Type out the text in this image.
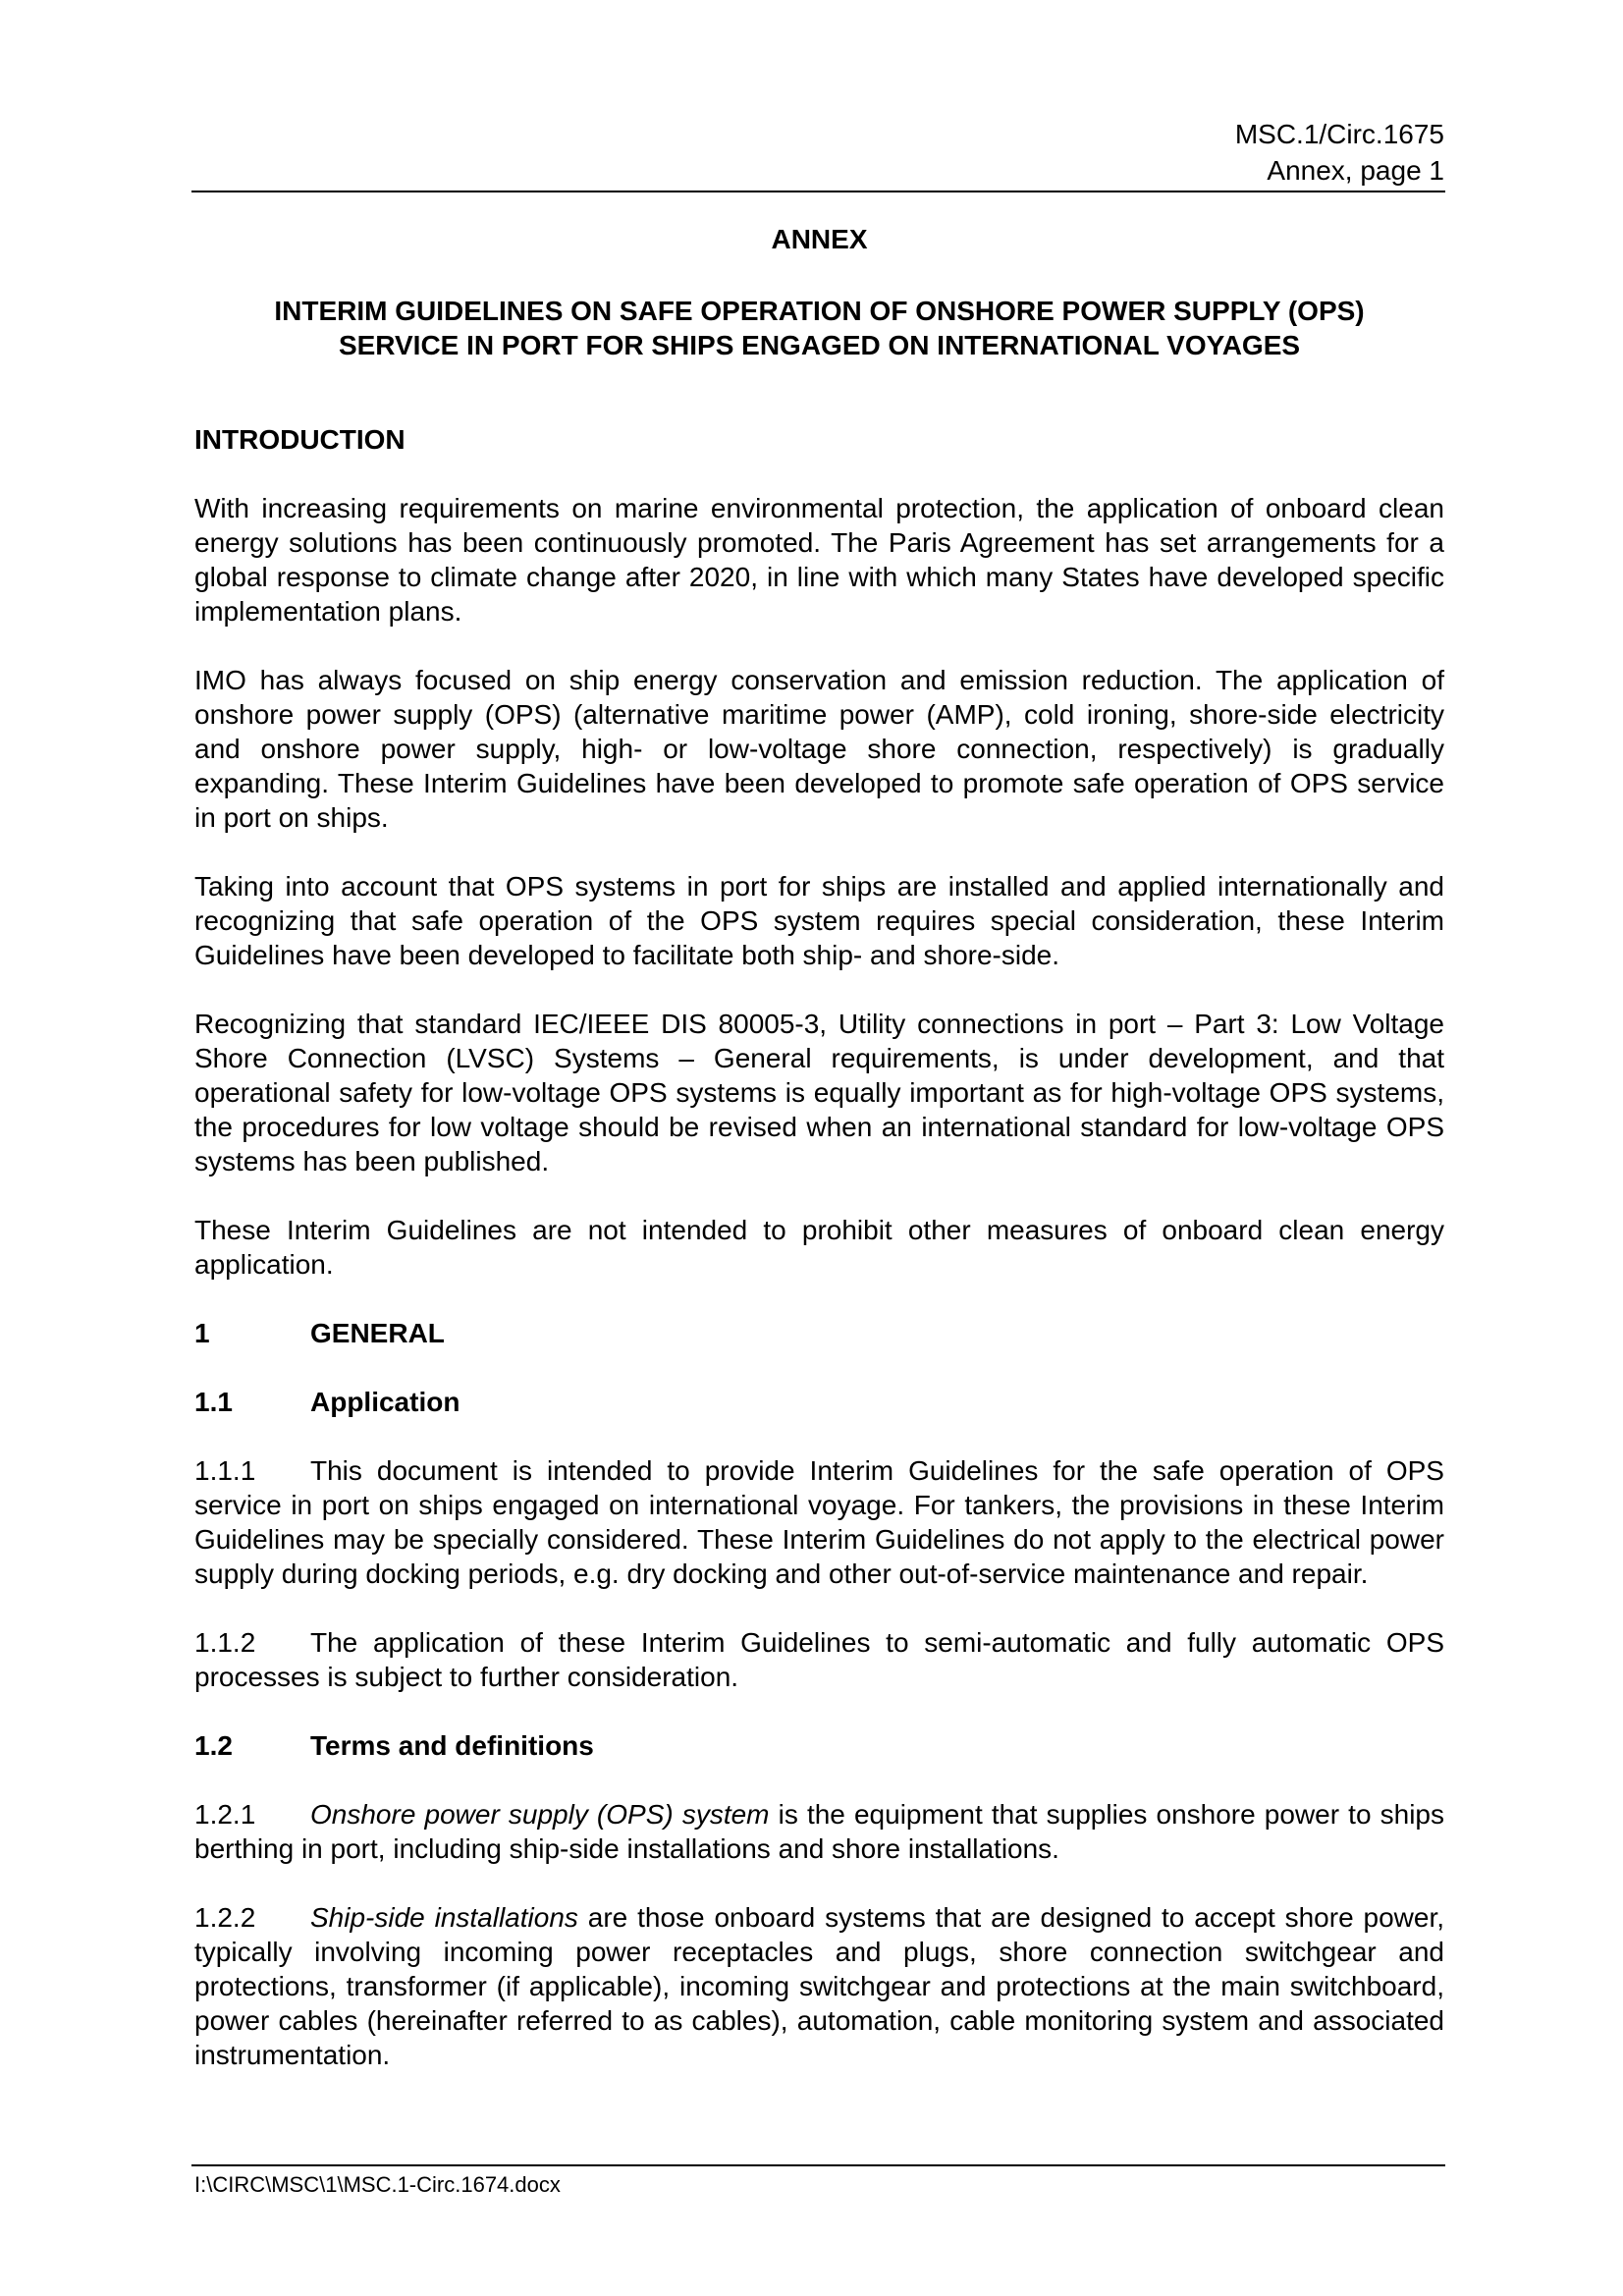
MSC.1/Circ.1675
Annex, page 1

ANNEX

INTERIM GUIDELINES ON SAFE OPERATION OF ONSHORE POWER SUPPLY (OPS)
SERVICE IN PORT FOR SHIPS ENGAGED ON INTERNATIONAL VOYAGES

INTRODUCTION

With increasing requirements on marine environmental protection, the application of onboard clean energy solutions has been continuously promoted. The Paris Agreement has set arrangements for a global response to climate change after 2020, in line with which many States have developed specific implementation plans.

IMO has always focused on ship energy conservation and emission reduction. The application of onshore power supply (OPS) (alternative maritime power (AMP), cold ironing, shore-side electricity and onshore power supply, high- or low-voltage shore connection, respectively) is gradually expanding. These Interim Guidelines have been developed to promote safe operation of OPS service in port on ships.

Taking into account that OPS systems in port for ships are installed and applied internationally and recognizing that safe operation of the OPS system requires special consideration, these Interim Guidelines have been developed to facilitate both ship- and shore-side.

Recognizing that standard IEC/IEEE DIS 80005-3, Utility connections in port – Part 3: Low Voltage Shore Connection (LVSC) Systems – General requirements, is under development, and that operational safety for low-voltage OPS systems is equally important as for high-voltage OPS systems, the procedures for low voltage should be revised when an international standard for low-voltage OPS systems has been published.

These Interim Guidelines are not intended to prohibit other measures of onboard clean energy application.

1	GENERAL
1.1	Application

1.1.1 This document is intended to provide Interim Guidelines for the safe operation of OPS service in port on ships engaged on international voyage. For tankers, the provisions in these Interim Guidelines may be specially considered. These Interim Guidelines do not apply to the electrical power supply during docking periods, e.g. dry docking and other out-of-service maintenance and repair.

1.1.2 The application of these Interim Guidelines to semi-automatic and fully automatic OPS processes is subject to further consideration.

1.2	Terms and definitions

1.2.1 Onshore power supply (OPS) system is the equipment that supplies onshore power to ships berthing in port, including ship-side installations and shore installations.

1.2.2 Ship-side installations are those onboard systems that are designed to accept shore power, typically involving incoming power receptacles and plugs, shore connection switchgear and protections, transformer (if applicable), incoming switchgear and protections at the main switchboard, power cables (hereinafter referred to as cables), automation, cable monitoring system and associated instrumentation.

I:\CIRC\MSC\1\MSC.1-Circ.1674.docx
